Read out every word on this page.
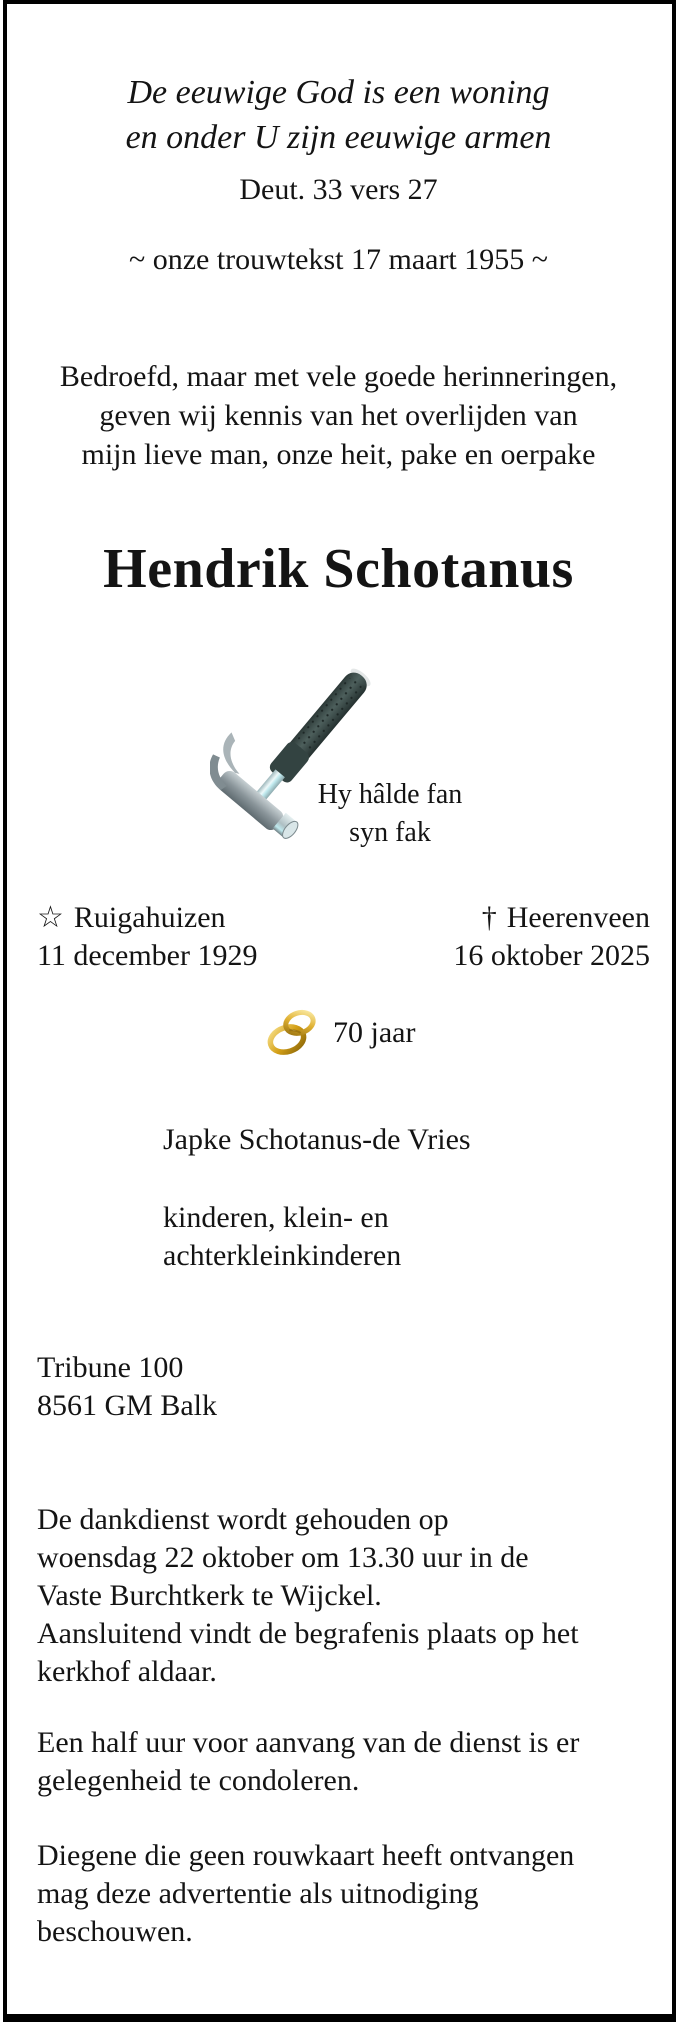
De eeuwige God is een woning
en onder U zijn eeuwige armen
Deut. 33 vers 27
~ onze trouwtekst 17 maart 1955 ~
Bedroefd, maar met vele goede herinneringen,
geven wij kennis van het overlijden van
mijn lieve man, onze heit, pake en oerpake
Hendrik Schotanus
Hy hâlde fan
syn fak
☆ Ruigahuizen
11 december 1929
† Heerenveen
16 oktober 2025
70 jaar
Japke Schotanus-de Vries
kinderen, klein- en
achterkleinkinderen
Tribune 100
8561 GM Balk
De dankdienst wordt gehouden op
woensdag 22 oktober om 13.30 uur in de
Vaste Burchtkerk te Wijckel.
Aansluitend vindt de begrafenis plaats op het
kerkhof aldaar.
Een half uur voor aanvang van de dienst is er
gelegenheid te condoleren.
Diegene die geen rouwkaart heeft ontvangen
mag deze advertentie als uitnodiging
beschouwen.
